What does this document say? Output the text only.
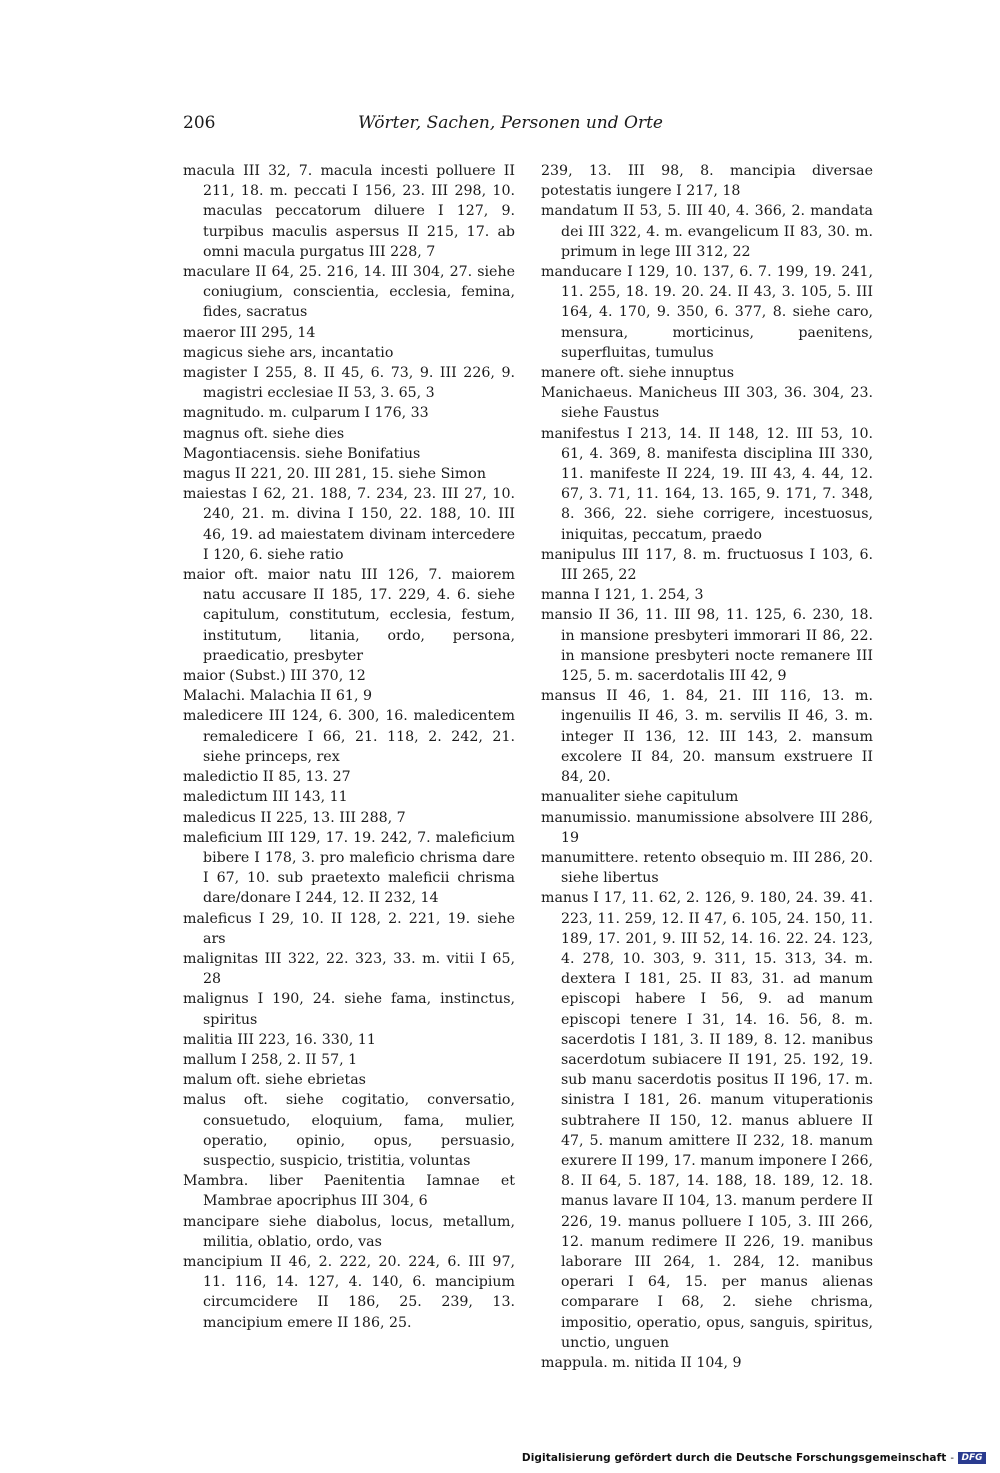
206	Wörter, Sachen, Personen und Orte

macula III 32, 7. macula incesti polluere II 211, 18. m. peccati I 156, 23. III 298, 10. maculas peccatorum diluere I 127, 9. turpibus maculis aspersus II 215, 17. ab omni macula purgatus III 228, 7

maculare II 64, 25. 216, 14. III 304, 27. siehe coniugium, conscientia, ecclesia, femina, fides, sacratus

maeror III 295, 14

magicus siehe ars, incantatio

magister I 255, 8. II 45, 6. 73, 9. III 226, 9. magistri ecclesiae II 53, 3. 65, 3

magnitudo. m. culparum I 176, 33

magnus oft. siehe dies

Magontiacensis. siehe Bonifatius

magus II 221, 20. III 281, 15. siehe Simon

maiestas I 62, 21. 188, 7. 234, 23. III 27, 10. 240, 21. m. divina I 150, 22. 188, 10. III 46, 19. ad maiestatem divinam intercedere I 120, 6. siehe ratio

maior oft. maior natu III 126, 7. maiorem natu accusare II 185, 17. 229, 4. 6. siehe capitulum, constitutum, ecclesia, festum, institutum, litania, ordo, persona, praedicatio, presbyter

maior (Subst.) III 370, 12

Malachi. Malachia II 61, 9

maledicere III 124, 6. 300, 16. maledicentem remaledicere I 66, 21. 118, 2. 242, 21. siehe princeps, rex

maledictio II 85, 13. 27

maledictum III 143, 11

maledicus II 225, 13. III 288, 7

maleficium III 129, 17. 19. 242, 7. maleficium bibere I 178, 3. pro maleficio chrisma dare I 67, 10. sub praetexto maleficii chrisma dare/donare I 244, 12. II 232, 14

maleficus I 29, 10. II 128, 2. 221, 19. siehe ars

malignitas III 322, 22. 323, 33. m. vitii I 65, 28

malignus I 190, 24. siehe fama, instinctus, spiritus

malitia III 223, 16. 330, 11

mallum I 258, 2. II 57, 1

malum oft. siehe ebrietas

malus oft. siehe cogitatio, conversatio, consuetudo, eloquium, fama, mulier, operatio, opinio, opus, persuasio, suspectio, suspicio, tristitia, voluntas

Mambra. liber Paenitentia Iamnae et Mambrae apocriphus III 304, 6

mancipare siehe diabolus, locus, metallum, militia, oblatio, ordo, vas

mancipium II 46, 2. 222, 20. 224, 6. III 97, 11. 116, 14. 127, 4. 140, 6. mancipium circumcidere II 186, 25. 239, 13. mancipium emere II 186, 25.

239, 13. III 98, 8. mancipia diversae potestatis iungere I 217, 18

mandatum II 53, 5. III 40, 4. 366, 2. mandata dei III 322, 4. m. evangelicum II 83, 30. m. primum in lege III 312, 22

manducare I 129, 10. 137, 6. 7. 199, 19. 241, 11. 255, 18. 19. 20. 24. II 43, 3. 105, 5. III 164, 4. 170, 9. 350, 6. 377, 8. siehe caro, mensura, morticinus, paenitens, superfluitas, tumulus

manere oft. siehe innuptus

Manichaeus. Manicheus III 303, 36. 304, 23. siehe Faustus

manifestus I 213, 14. II 148, 12. III 53, 10. 61, 4. 369, 8. manifesta disciplina III 330, 11. manifeste II 224, 19. III 43, 4. 44, 12. 67, 3. 71, 11. 164, 13. 165, 9. 171, 7. 348, 8. 366, 22. siehe corrigere, incestuosus, iniquitas, peccatum, praedo

manipulus III 117, 8. m. fructuosus I 103, 6. III 265, 22

manna I 121, 1. 254, 3

mansio II 36, 11. III 98, 11. 125, 6. 230, 18. in mansione presbyteri immorari II 86, 22. in mansione presbyteri nocte remanere III 125, 5. m. sacerdotalis III 42, 9

mansus II 46, 1. 84, 21. III 116, 13. m. ingenuilis II 46, 3. m. servilis II 46, 3. m. integer II 136, 12. III 143, 2. mansum excolere II 84, 20. mansum exstruere II 84, 20.

manualiter siehe capitulum

manumissio. manumissione absolvere III 286, 19

manumittere. retento obsequio m. III 286, 20. siehe libertus

manus I 17, 11. 62, 2. 126, 9. 180, 24. 39. 41. 223, 11. 259, 12. II 47, 6. 105, 24. 150, 11. 189, 17. 201, 9. III 52, 14. 16. 22. 24. 123, 4. 278, 10. 303, 9. 311, 15. 313, 34. m. dextera I 181, 25. II 83, 31. ad manum episcopi habere I 56, 9. ad manum episcopi tenere I 31, 14. 16. 56, 8. m. sacerdotis I 181, 3. II 189, 8. 12. manibus sacerdotum subiacere II 191, 25. 192, 19. sub manu sacerdotis positus II 196, 17. m. sinistra I 181, 26. manum vituperationis subtrahere II 150, 12. manus abluere II 47, 5. manum amittere II 232, 18. manum exurere II 199, 17. manum imponere I 266, 8. II 64, 5. 187, 14. 188, 18. 189, 12. 18. manus lavare II 104, 13. manum perdere II 226, 19. manus polluere I 105, 3. III 266, 12. manum redimere II 226, 19. manibus laborare III 264, 1. 284, 12. manibus operari I 64, 15. per manus alienas comparare I 68, 2. siehe chrisma, impositio, operatio, opus, sanguis, spiritus, unctio, unguen

mappula. m. nitida II 104, 9

Digitalisierung gefördert durch die Deutsche Forschungsgemeinschaft - DFG
